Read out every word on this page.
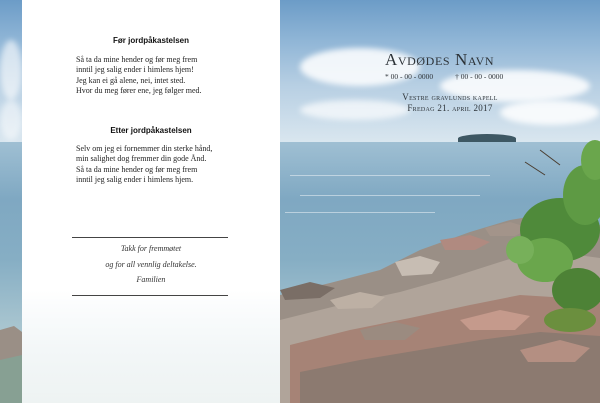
Før jordpåkastelsen
Så ta da mine hender og før meg frem
inntil jeg salig ender i himlens hjem!
Jeg kan ei gå alene, nei, intet sted.
Hvor du meg fører ene, jeg følger med.
Etter jordpåkastelsen
Selv om jeg ei fornemmer din sterke hånd,
min salighet dog fremmer din gode Ånd.
Så ta da mine hender og før meg frem
inntil jeg salig ender i himlens hjem.
Takk for fremmøtet
og for all vennlig deltakelse.
Familien
Avdødes Navn
* 00 - 00 - 0000	† 00 - 00 - 0000
Vestre gravlunds kapell
Fredag 21. april 2017
